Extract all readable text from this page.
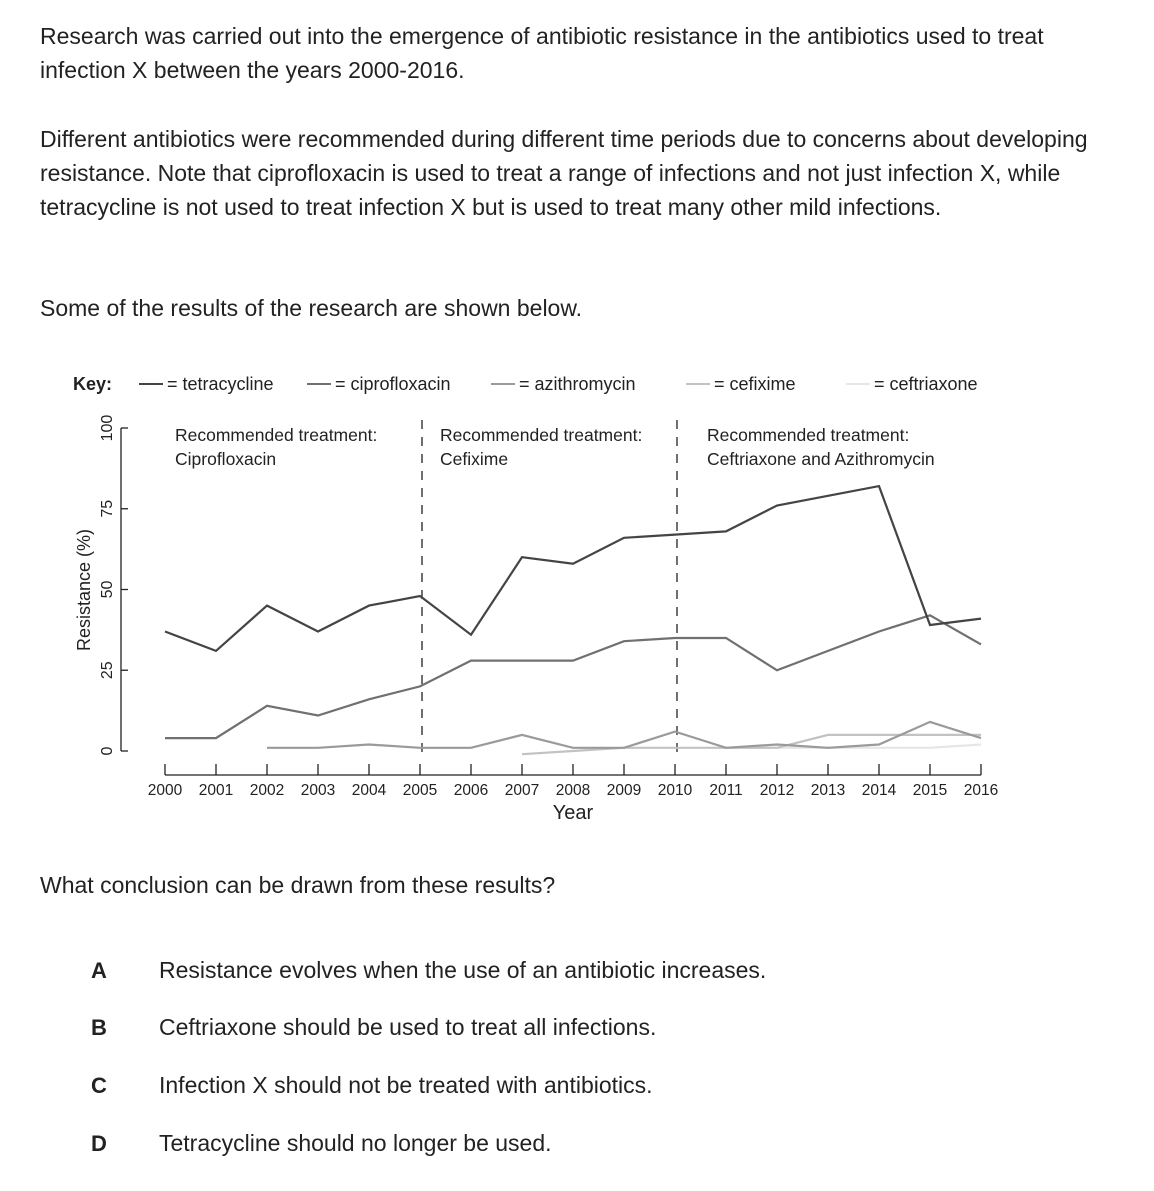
Research was carried out into the emergence of antibiotic resistance in the antibiotics used to treat infection X between the years 2000-2016.

Different antibiotics were recommended during different time periods due to concerns about developing resistance. Note that ciprofloxacin is used to treat a range of infections and not just infection X, while tetracycline is not used to treat infection X but is used to treat many other mild infections.

Some of the results of the research are shown below.

Key:	= tetracycline	= ciprofloxacin	= azithromycin	= cefixime	= ceftriaxone
Recommended treatment:
Ciprofloxacin
Recommended treatment:
Cefixime
Recommended treatment:
Ceftriaxone and Azithromycin
0
25
50
75
100
Resistance (%)
2000 2001 2002 2003 2004 2005 2006 2007 2008 2009 2010 2011 2012 2013 2014 2015 2016
Year

What conclusion can be drawn from these results?

A Resistance evolves when the use of an antibiotic increases.
B Ceftriaxone should be used to treat all infections.
C Infection X should not be treated with antibiotics.
D Tetracycline should no longer be used.
